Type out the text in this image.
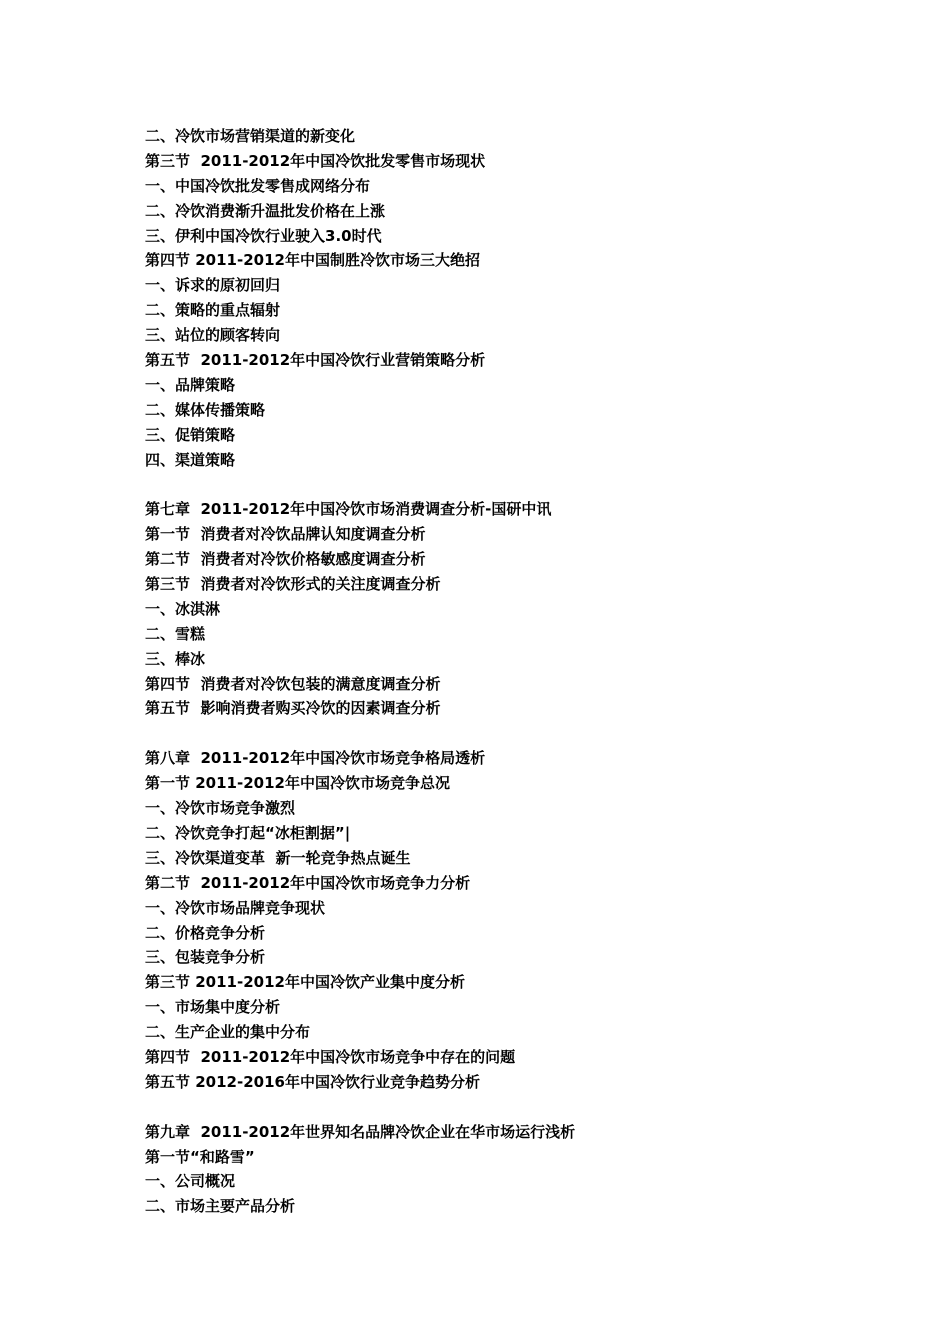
二、冷饮市场营销渠道的新变化
第三节  2011-2012年中国冷饮批发零售市场现状
一、中国冷饮批发零售成网络分布
二、冷饮消费渐升温批发价格在上涨
三、伊利中国冷饮行业驶入3.0时代
第四节 2011-2012年中国制胜冷饮市场三大绝招
一、诉求的原初回归
二、策略的重点辐射
三、站位的顾客转向
第五节  2011-2012年中国冷饮行业营销策略分析
一、品牌策略
二、媒体传播策略
三、促销策略
四、渠道策略
第七章  2011-2012年中国冷饮市场消费调查分析-国研中讯
第一节  消费者对冷饮品牌认知度调查分析
第二节  消费者对冷饮价格敏感度调查分析
第三节  消费者对冷饮形式的关注度调查分析
一、冰淇淋
二、雪糕
三、棒冰
第四节  消费者对冷饮包装的满意度调查分析
第五节  影响消费者购买冷饮的因素调查分析
第八章  2011-2012年中国冷饮市场竞争格局透析
第一节 2011-2012年中国冷饮市场竞争总况
一、冷饮市场竞争激烈
二、冷饮竞争打起“冰柜割据”|
三、冷饮渠道变革  新一轮竞争热点诞生
第二节  2011-2012年中国冷饮市场竞争力分析
一、冷饮市场品牌竞争现状
二、价格竞争分析
三、包装竞争分析
第三节 2011-2012年中国冷饮产业集中度分析
一、市场集中度分析
二、生产企业的集中分布
第四节  2011-2012年中国冷饮市场竞争中存在的问题
第五节 2012-2016年中国冷饮行业竞争趋势分析
第九章  2011-2012年世界知名品牌冷饮企业在华市场运行浅析
第一节“和路雪”
一、公司概况
二、市场主要产品分析
